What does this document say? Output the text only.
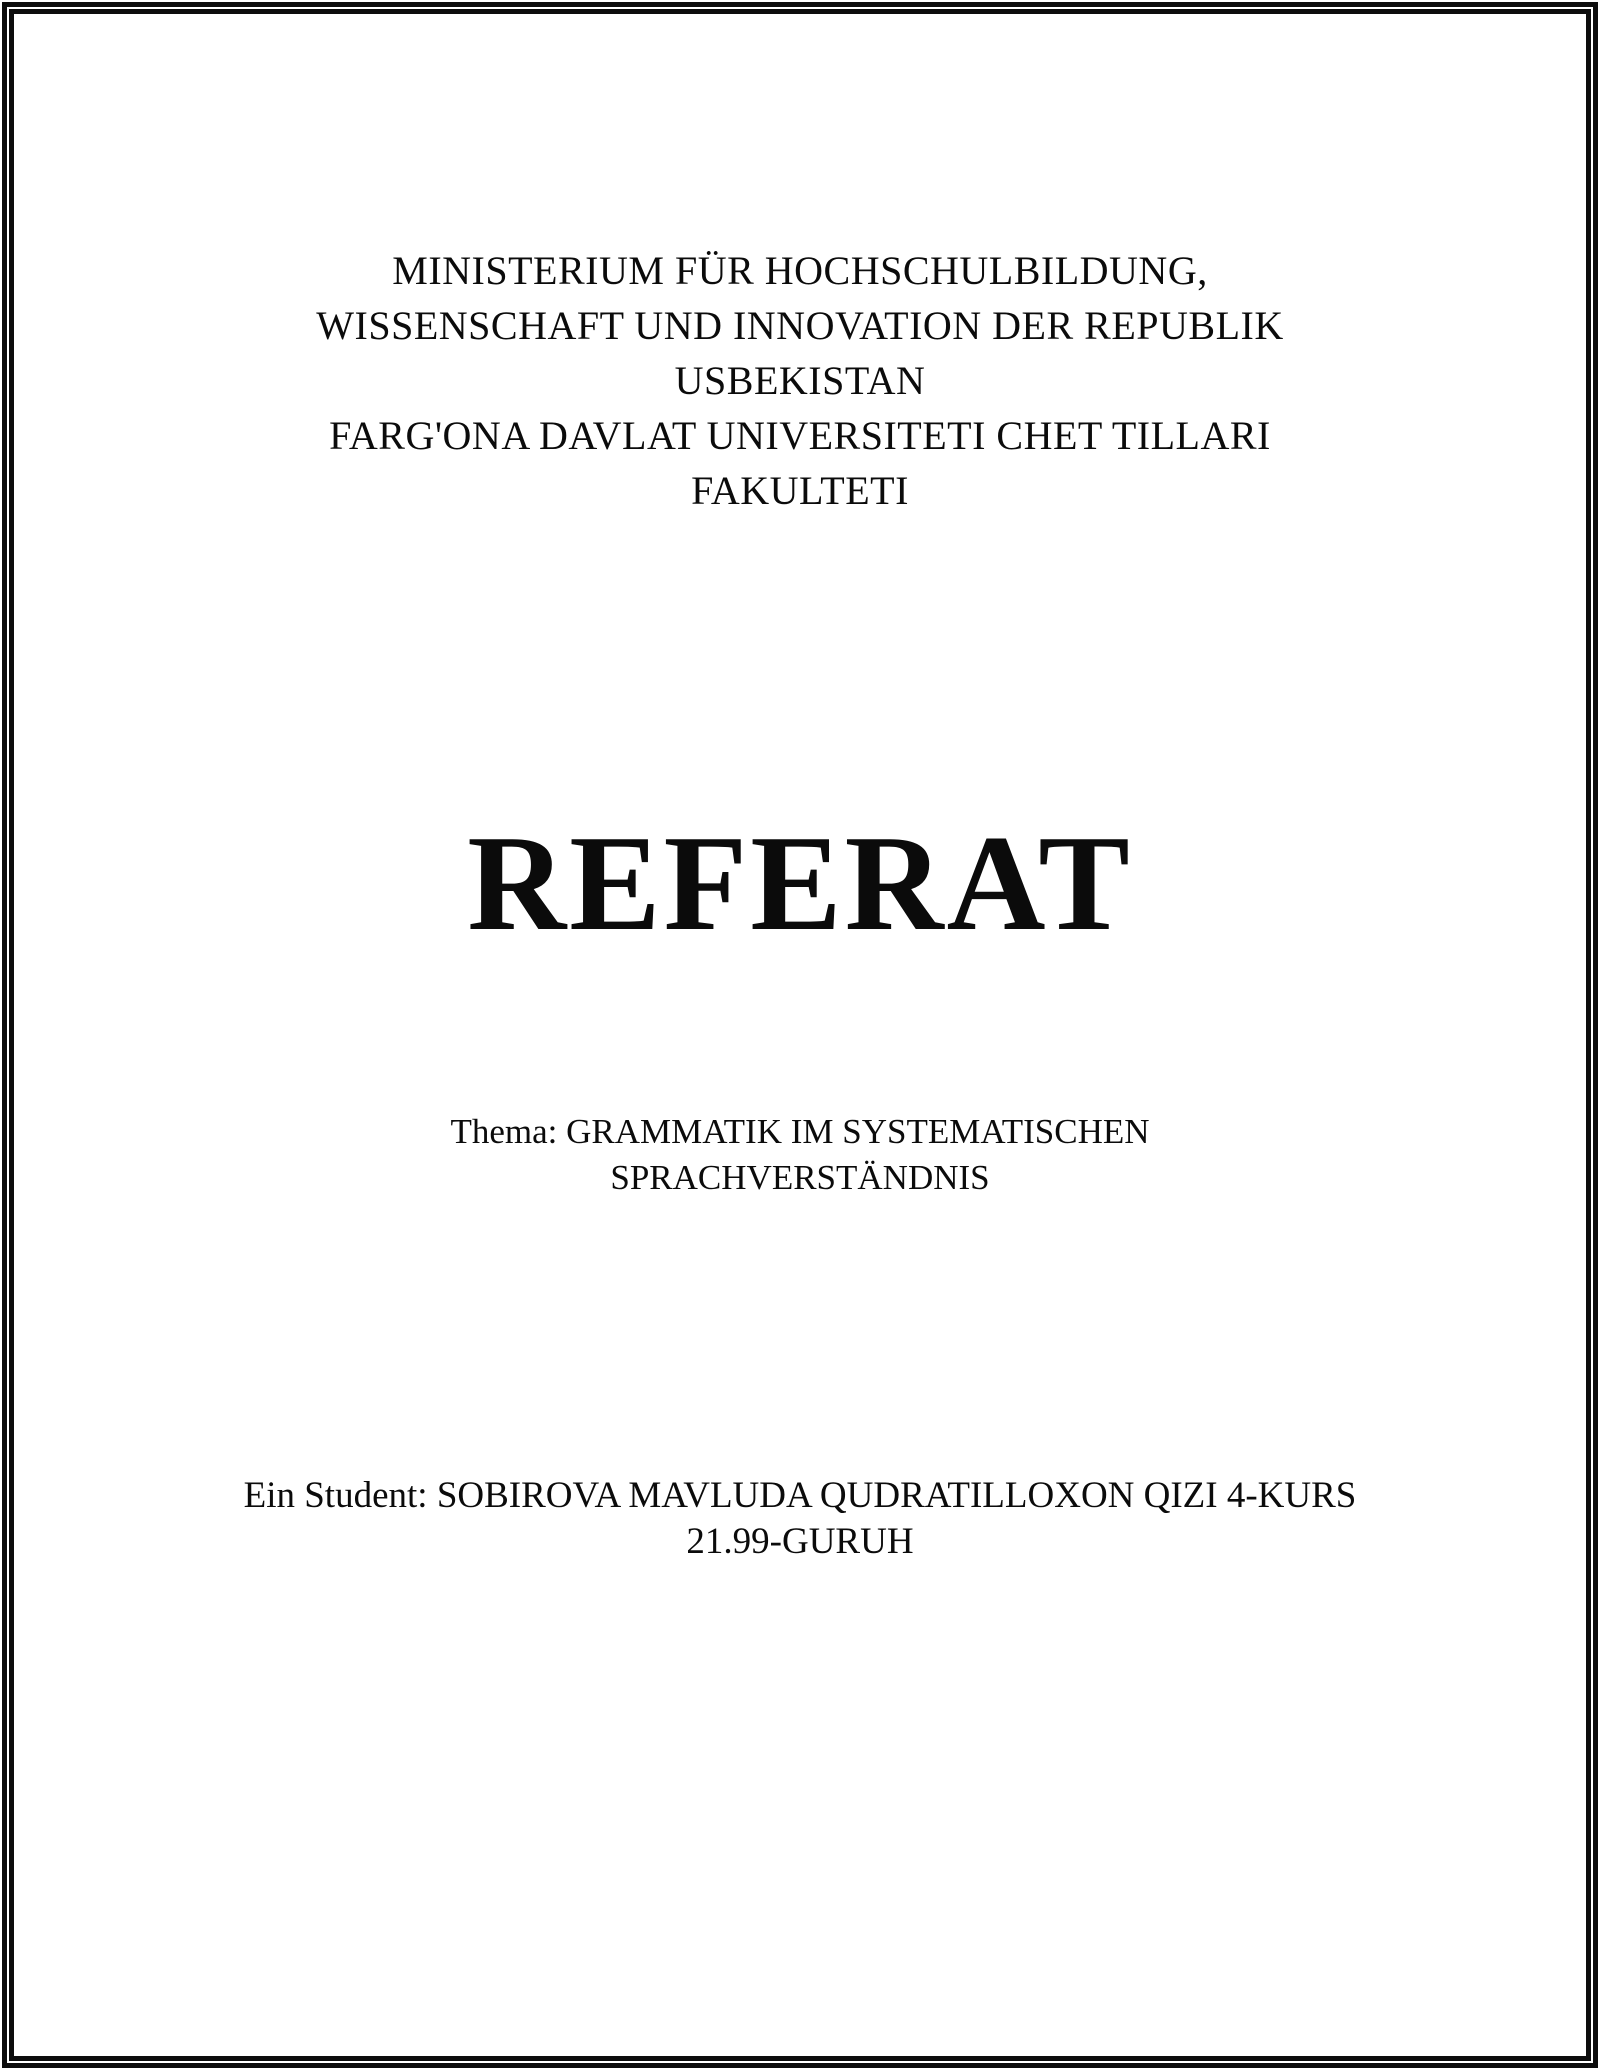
MINISTERIUM FÜR HOCHSCHULBILDUNG,
WISSENSCHAFT UND INNOVATION DER REPUBLIK
USBEKISTAN
FARG'ONA DAVLAT UNIVERSITETI CHET TILLARI
FAKULTETI
REFERAT
Thema: GRAMMATIK IM SYSTEMATISCHEN
SPRACHVERSTÄNDNIS
Ein Student: SOBIROVA MAVLUDA QUDRATILLOXON QIZI 4-KURS
21.99-GURUH
